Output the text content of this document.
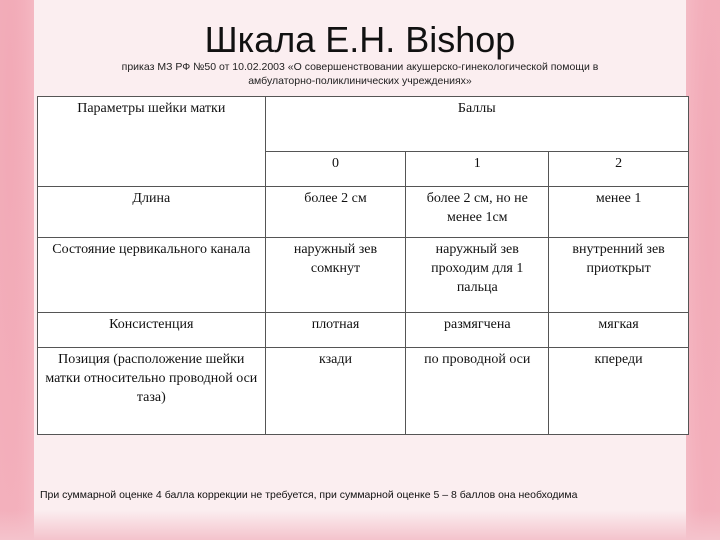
Шкала Е.Н. Bishop
приказ МЗ РФ №50 от 10.02.2003 «О совершенствовании акушерско-гинекологической помощи в
амбулаторно-поликлинических учреждениях»
Параметры шейки матки	Баллы		
	0	1	2
Длина	более 2 см	более 2 см, но не менее 1см	менее 1
Состояние цервикального канала	наружный зев сомкнут	наружный зев проходим для 1 пальца	внутренний зев приоткрыт
Консистенция	плотная	размягчена	мягкая
Позиция (расположение шейки матки относительно проводной оси таза)	кзади	по проводной оси	кпереди
При суммарной оценке 4 балла коррекции не требуется, при суммарной оценке 5 – 8 баллов она необходима
